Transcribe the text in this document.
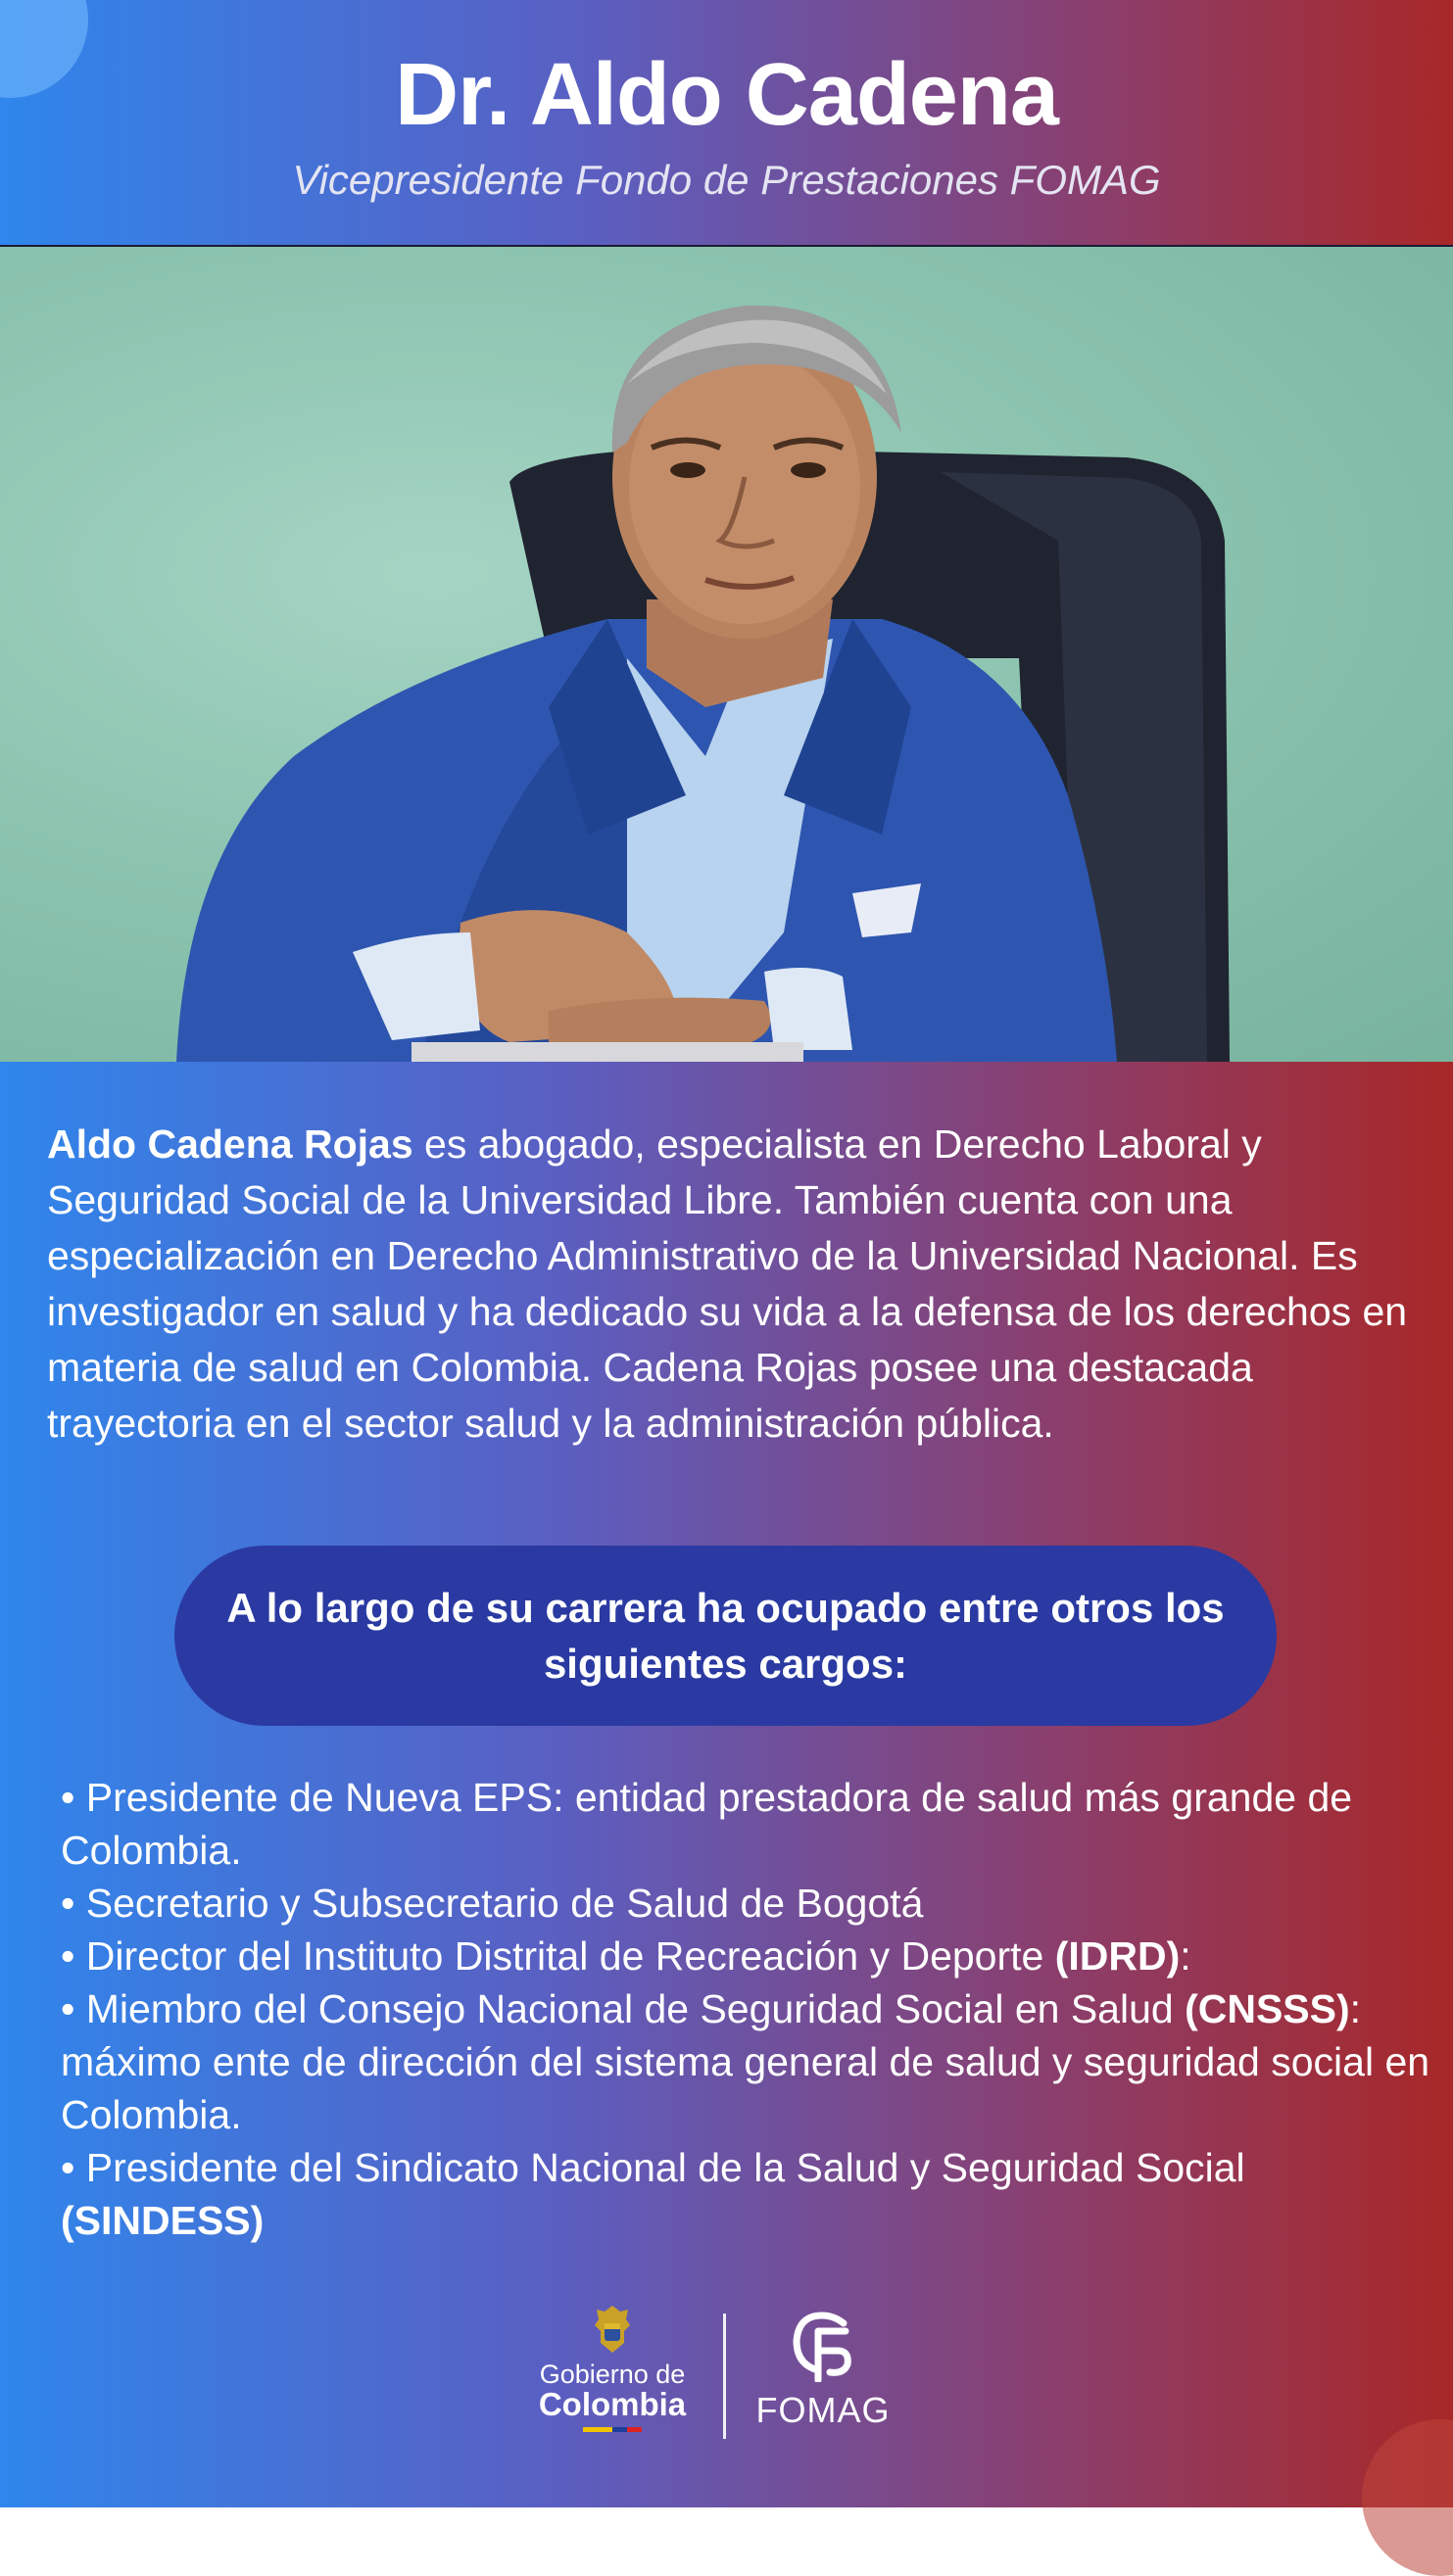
Dr. Aldo Cadena
Vicepresidente Fondo de Prestaciones FOMAG

Aldo Cadena Rojas es abogado, especialista en Derecho Laboral y Seguridad Social de la Universidad Libre. También cuenta con una especialización en Derecho Administrativo de la Universidad Nacional. Es investigador en salud y ha dedicado su vida a la defensa de los derechos en materia de salud en Colombia. Cadena Rojas posee una destacada trayectoria en el sector salud y la administración pública.

A lo largo de su carrera ha ocupado entre otros los siguientes cargos:
• Presidente de Nueva EPS: entidad prestadora de salud más grande de Colombia.
• Secretario y Subsecretario de Salud de Bogotá
• Director del Instituto Distrital de Recreación y Deporte (IDRD):
• Miembro del Consejo Nacional de Seguridad Social en Salud (CNSSS): máximo ente de dirección del sistema general de salud y seguridad social en Colombia.
• Presidente del Sindicato Nacional de la Salud y Seguridad Social (SINDESS)
Gobierno de
Colombia FOMAG
